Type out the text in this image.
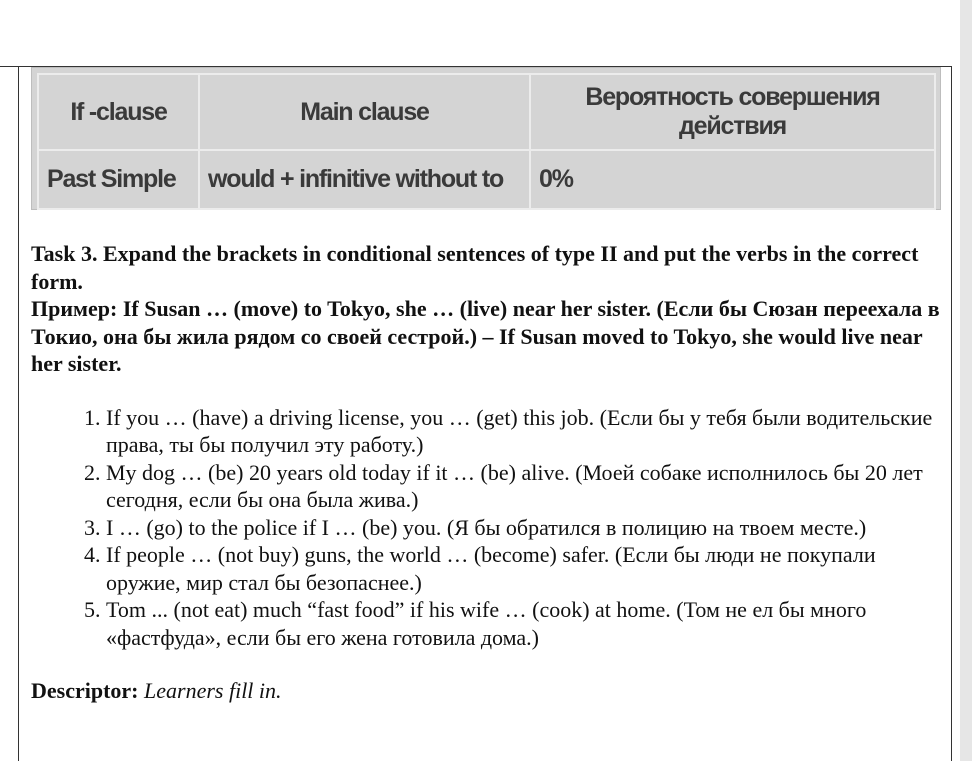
If -clause	Main clause	Вероятность совершения действия
Past Simple	would + infinitive without to	0%

Task 3. Expand the brackets in conditional sentences of type II and put the verbs in the correct form.

Пример: If Susan … (move) to Tokyo, she … (live) near her sister. (Если бы Сюзан переехала в Токио, она бы жила рядом со своей сестрой.) – If Susan moved to Tokyo, she would live near her sister.

1. If you … (have) a driving license, you … (get) this job. (Если бы у тебя были водительские права, ты бы получил эту работу.)
2. My dog … (be) 20 years old today if it … (be) alive. (Моей собаке исполнилось бы 20 лет сегодня, если бы она была жива.)
3. I … (go) to the police if I … (be) you. (Я бы обратился в полицию на твоем месте.)
4. If people … (not buy) guns, the world … (become) safer. (Если бы люди не покупали оружие, мир стал бы безопаснее.)
5. Tom ... (not eat) much “fast food” if his wife … (cook) at home. (Том не ел бы много «фастфуда», если бы его жена готовила дома.)

Descriptor: Learners fill in.
